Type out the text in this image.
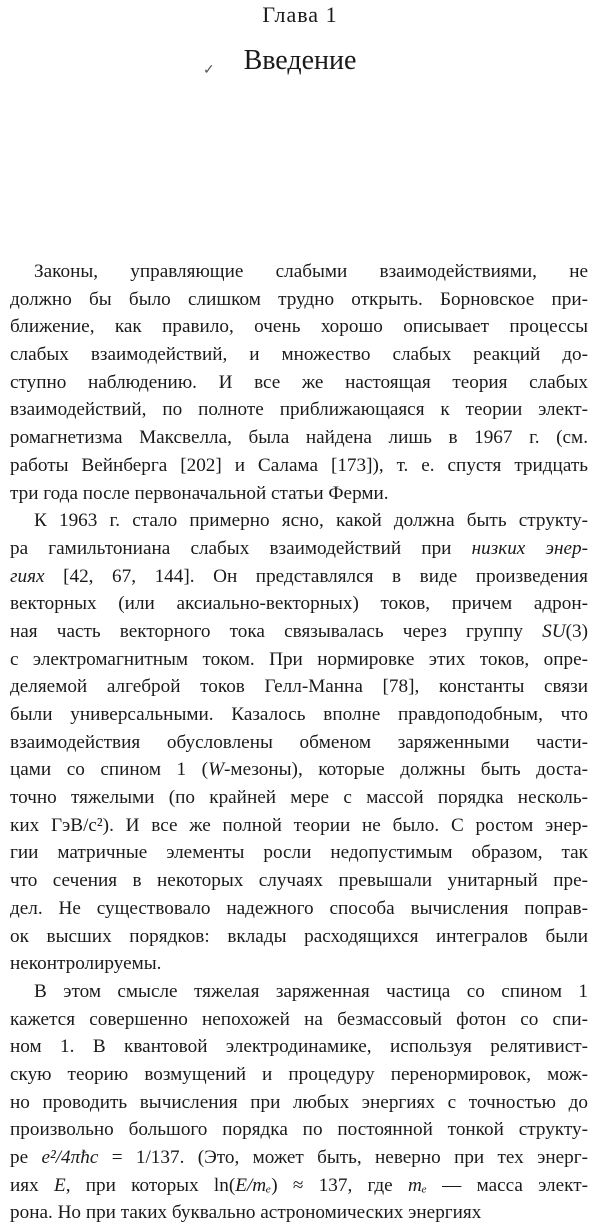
Глава 1
✓	Введение
Законы, управляющие слабыми взаимодействиями, не
должно бы было слишком трудно открыть. Борновское при-
ближение, как правило, очень хорошо описывает процессы
слабых взаимодействий, и множество слабых реакций до-
ступно наблюдению. И все же настоящая теория слабых
взаимодействий, по полноте приближающаяся к теории элект-
ромагнетизма Максвелла, была найдена лишь в 1967 г. (см.
работы Вейнберга [202] и Салама [173]), т. е. спустя тридцать
три года после первоначальной статьи Ферми.
К 1963 г. стало примерно ясно, какой должна быть структу-
ра гамильтониана слабых взаимодействий при низких энер-
гиях [42, 67, 144]. Он представлялся в виде произведения
векторных (или аксиально-векторных) токов, причем адрон-
ная часть векторного тока связывалась через группу SU(3)
с электромагнитным током. При нормировке этих токов, опре-
деляемой алгеброй токов Гелл-Манна [78], константы связи
были универсальными. Казалось вполне правдоподобным, что
взаимодействия обусловлены обменом заряженными части-
цами со спином 1 (W-мезоны), которые должны быть доста-
точно тяжелыми (по крайней мере с массой порядка несколь-
ких ГэВ/с²). И все же полной теории не было. С ростом энер-
гии матричные элементы росли недопустимым образом, так
что сечения в некоторых случаях превышали унитарный пре-
дел. Не существовало надежного способа вычисления поправ-
ок высших порядков: вклады расходящихся интегралов были
неконтролируемы.
В этом смысле тяжелая заряженная частица со спином 1
кажется совершенно непохожей на безмассовый фотон со спи-
ном 1. В квантовой электродинамике, используя релятивист-
скую теорию возмущений и процедуру перенормировок, мож-
но проводить вычисления при любых энергиях с точностью до
произвольно большого порядка по постоянной тонкой структу-
ре e²/4πħc = 1/137. (Это, может быть, неверно при тех энерг-
иях E, при которых ln(E/mₑ) ≈ 137, где mₑ — масса элект-
рона. Но при таких буквально астрономических энергиях
